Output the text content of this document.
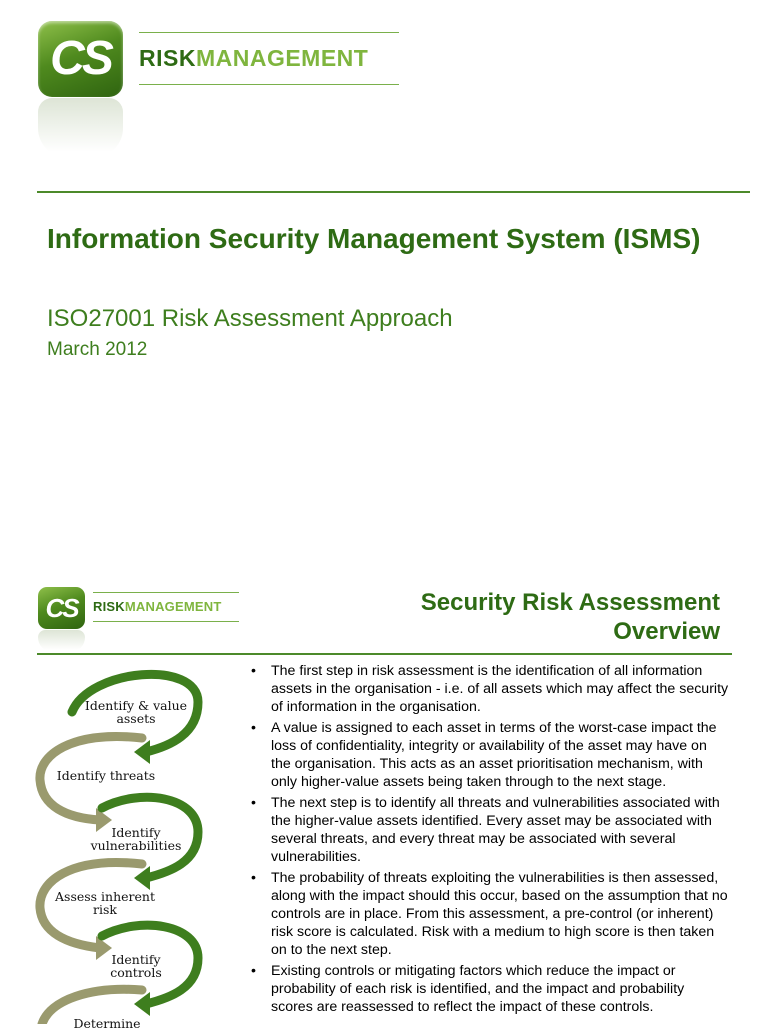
CS	RISKMANAGEMENT
Information Security Management System (ISMS)
ISO27001 Risk Assessment Approach
March 2012
CS	RISKMANAGEMENT	Security Risk Assessment Overview
Identify & value assets
Identify threats
Identify vulnerabilities
Assess inherent risk
Identify controls
Determine
• The first step in risk assessment is the identification of all information assets in the organisation - i.e. of all assets which may affect the security of information in the organisation.
• A value is assigned to each asset in terms of the worst-case impact the loss of confidentiality, integrity or availability of the asset may have on the organisation. This acts as an asset prioritisation mechanism, with only higher-value assets being taken through to the next stage.
• The next step is to identify all threats and vulnerabilities associated with the higher-value assets identified. Every asset may be associated with several threats, and every threat may be associated with several vulnerabilities.
• The probability of threats exploiting the vulnerabilities is then assessed, along with the impact should this occur, based on the assumption that no controls are in place. From this assessment, a pre-control (or inherent) risk score is calculated. Risk with a medium to high score is then taken on to the next step.
• Existing controls or mitigating factors which reduce the impact or probability of each risk is identified, and the impact and probability scores are reassessed to reflect the impact of these controls.
